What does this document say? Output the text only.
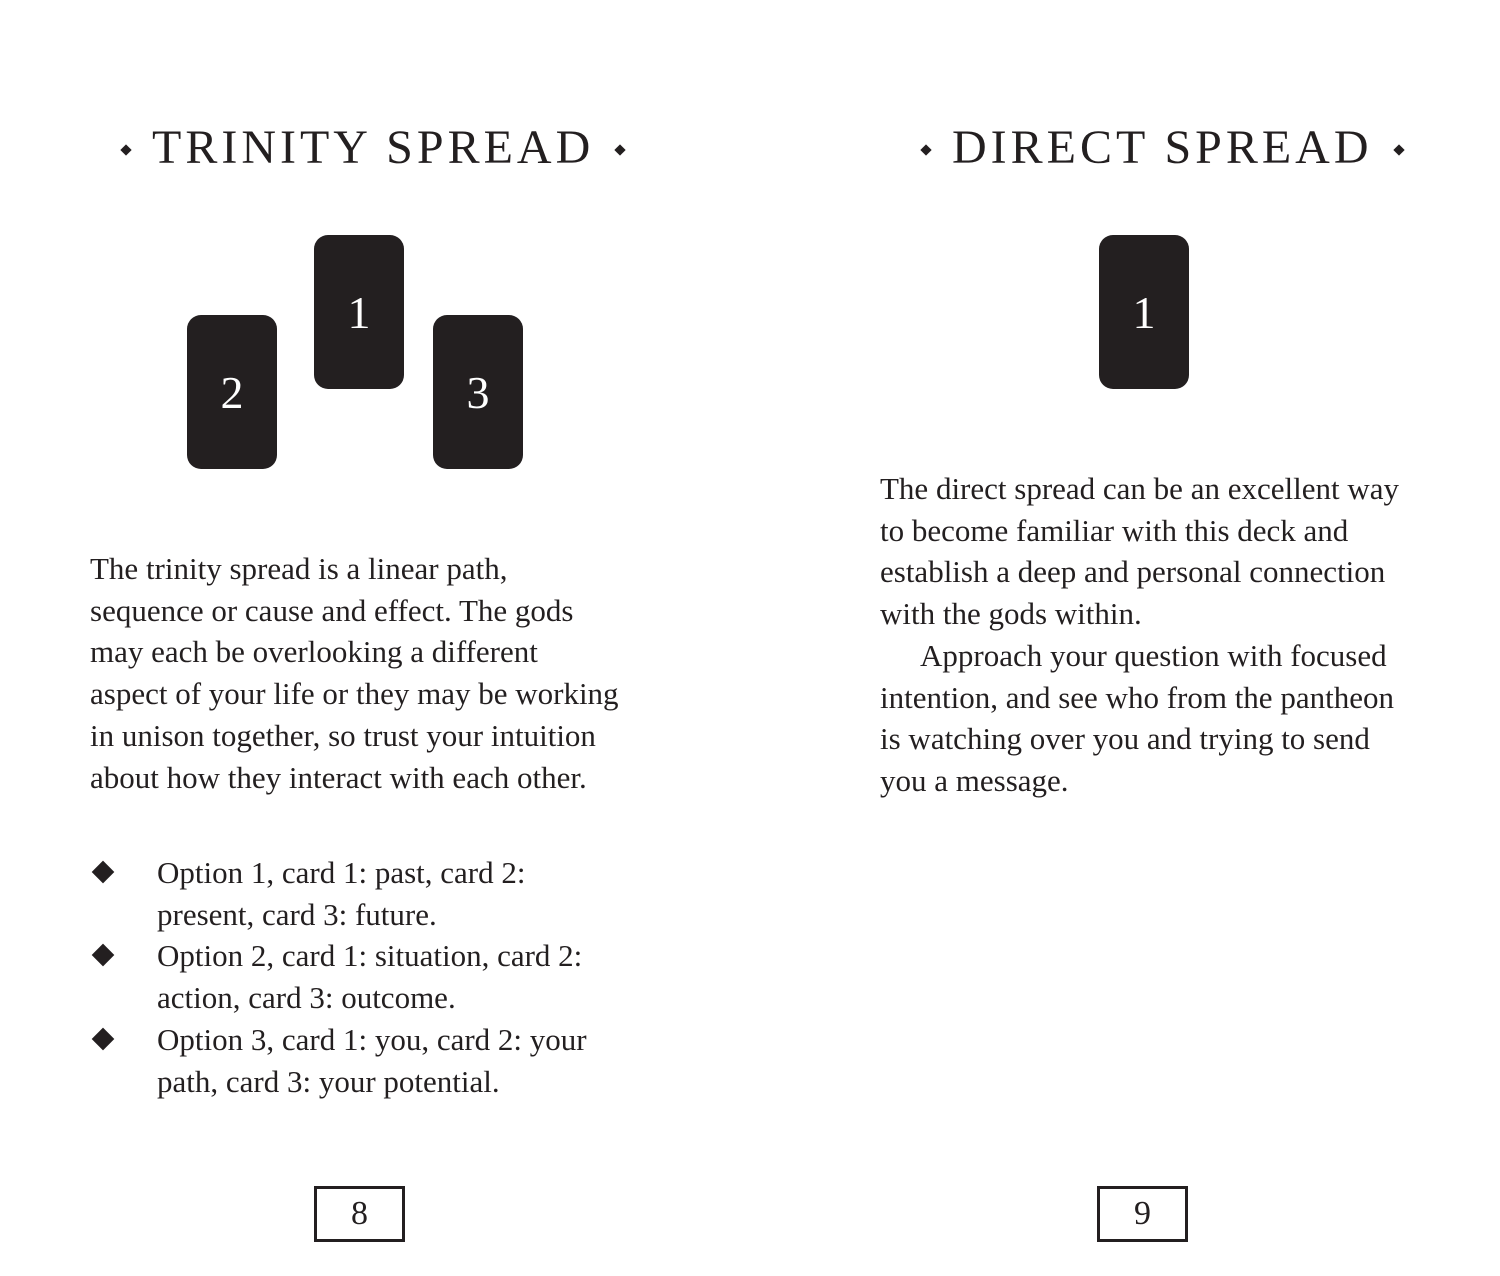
TRINITY SPREAD
1
2	3

The trinity spread is a linear path, sequence or cause and effect. The gods may each be overlooking a different aspect of your life or they may be working in unison together, so trust your intuition about how they interact with each other.

Option 1, card 1: past, card 2: present, card 3: future.
Option 2, card 1: situation, card 2: action, card 3: outcome.
Option 3, card 1: you, card 2: your path, card 3: your potential.
8
DIRECT SPREAD
1

The direct spread can be an excellent way to become familiar with this deck and establish a deep and personal connection with the gods within.

Approach your question with focused intention, and see who from the pantheon is watching over you and trying to send you a message.

9
